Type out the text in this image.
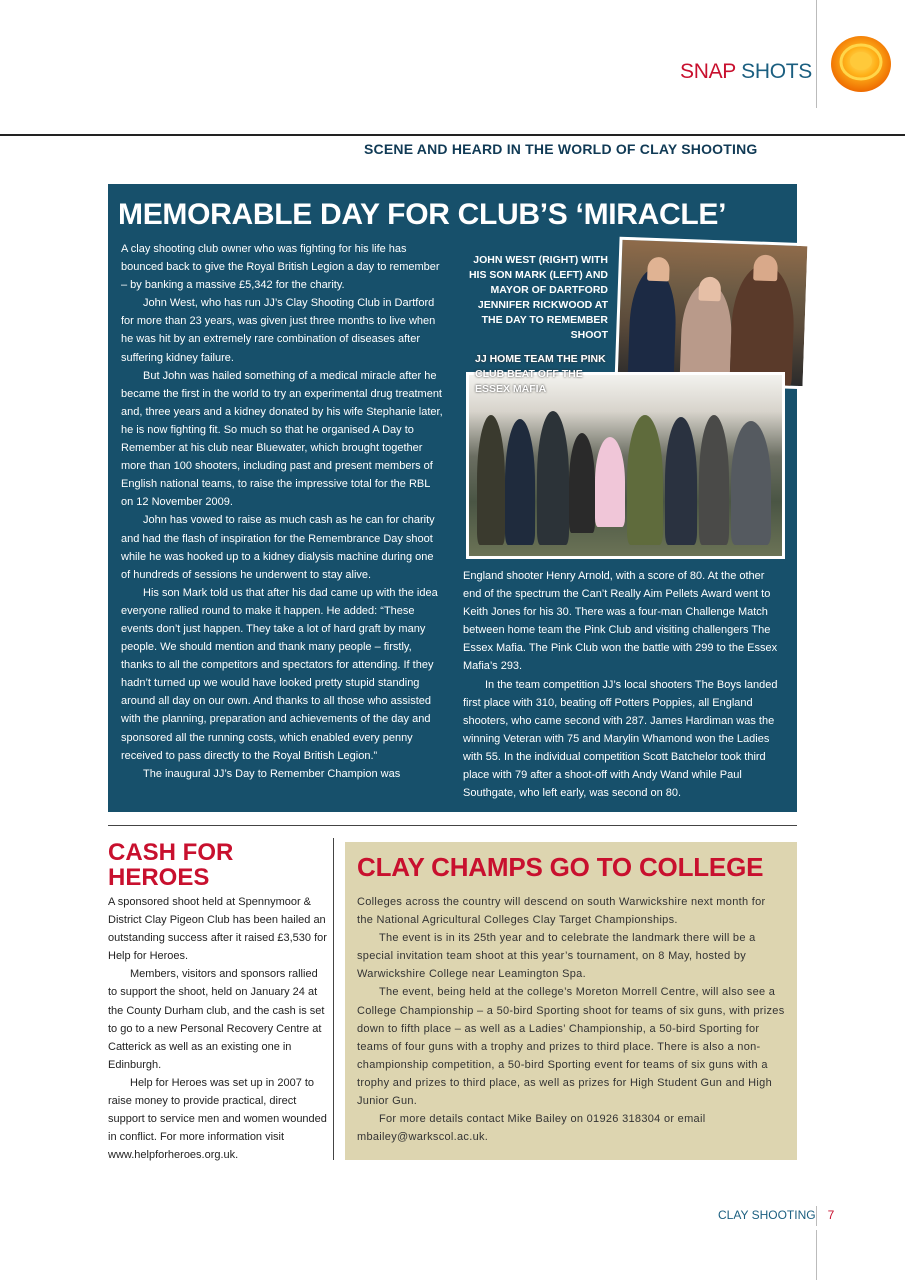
SNAP SHOTS
SCENE AND HEARD IN THE WORLD OF CLAY SHOOTING
MEMORABLE DAY FOR CLUB’S ‘MIRACLE’

A clay shooting club owner who was fighting for his life has bounced back to give the Royal British Legion a day to remember – by banking a massive £5,342 for the charity.

John West, who has run JJ’s Clay Shooting Club in Dartford for more than 23 years, was given just three months to live when he was hit by an extremely rare combination of diseases after suffering kidney failure.

But John was hailed something of a medical miracle after he became the first in the world to try an experimental drug treatment and, three years and a kidney donated by his wife Stephanie later, he is now fighting fit. So much so that he organised A Day to Remember at his club near Bluewater, which brought together more than 100 shooters, including past and present members of English national teams, to raise the impressive total for the RBL on 12 November 2009.

John has vowed to raise as much cash as he can for charity and had the flash of inspiration for the Remembrance Day shoot while he was hooked up to a kidney dialysis machine during one of hundreds of sessions he underwent to stay alive.

His son Mark told us that after his dad came up with the idea everyone rallied round to make it happen. He added: “These events don’t just happen. They take a lot of hard graft by many people. We should mention and thank many people – firstly, thanks to all the competitors and spectators for attending. If they hadn’t turned up we would have looked pretty stupid standing around all day on our own. And thanks to all those who assisted with the planning, preparation and achievements of the day and sponsored all the running costs, which enabled every penny received to pass directly to the Royal British Legion.”

The inaugural JJ’s Day to Remember Champion was

JOHN WEST (RIGHT) WITH HIS SON MARK (LEFT) AND MAYOR OF DARTFORD JENNIFER RICKWOOD AT THE DAY TO REMEMBER SHOOT
JJ HOME TEAM THE PINK CLUB BEAT OFF THE ESSEX MAFIA

England shooter Henry Arnold, with a score of 80. At the other end of the spectrum the Can’t Really Aim Pellets Award went to Keith Jones for his 30. There was a four-man Challenge Match between home team the Pink Club and visiting challengers The Essex Mafia. The Pink Club won the battle with 299 to the Essex Mafia’s 293.

In the team competition JJ’s local shooters The Boys landed first place with 310, beating off Potters Poppies, all England shooters, who came second with 287. James Hardiman was the winning Veteran with 75 and Marylin Whamond won the Ladies with 55. In the individual competition Scott Batchelor took third place with 79 after a shoot-off with Andy Wand while Paul Southgate, who left early, was second on 80.

CASH FOR HEROES

A sponsored shoot held at Spennymoor & District Clay Pigeon Club has been hailed an outstanding success after it raised £3,530 for Help for Heroes.

Members, visitors and sponsors rallied to support the shoot, held on January 24 at the County Durham club, and the cash is set to go to a new Personal Recovery Centre at Catterick as well as an existing one in Edinburgh.

Help for Heroes was set up in 2007 to raise money to provide practical, direct support to service men and women wounded in conflict. For more information visit www.helpforheroes.org.uk.

CLAY CHAMPS GO TO COLLEGE

Colleges across the country will descend on south Warwickshire next month for the National Agricultural Colleges Clay Target Championships.

The event is in its 25th year and to celebrate the landmark there will be a special invitation team shoot at this year’s tournament, on 8 May, hosted by Warwickshire College near Leamington Spa.

The event, being held at the college’s Moreton Morrell Centre, will also see a College Championship – a 50-bird Sporting shoot for teams of six guns, with prizes down to fifth place – as well as a Ladies’ Championship, a 50-bird Sporting for teams of four guns with a trophy and prizes to third place. There is also a non-championship competition, a 50-bird Sporting event for teams of six guns with a trophy and prizes to third place, as well as prizes for High Student Gun and High Junior Gun.

For more details contact Mike Bailey on 01926 318304 or email mbailey@warkscol.ac.uk.

CLAY SHOOTING 7
